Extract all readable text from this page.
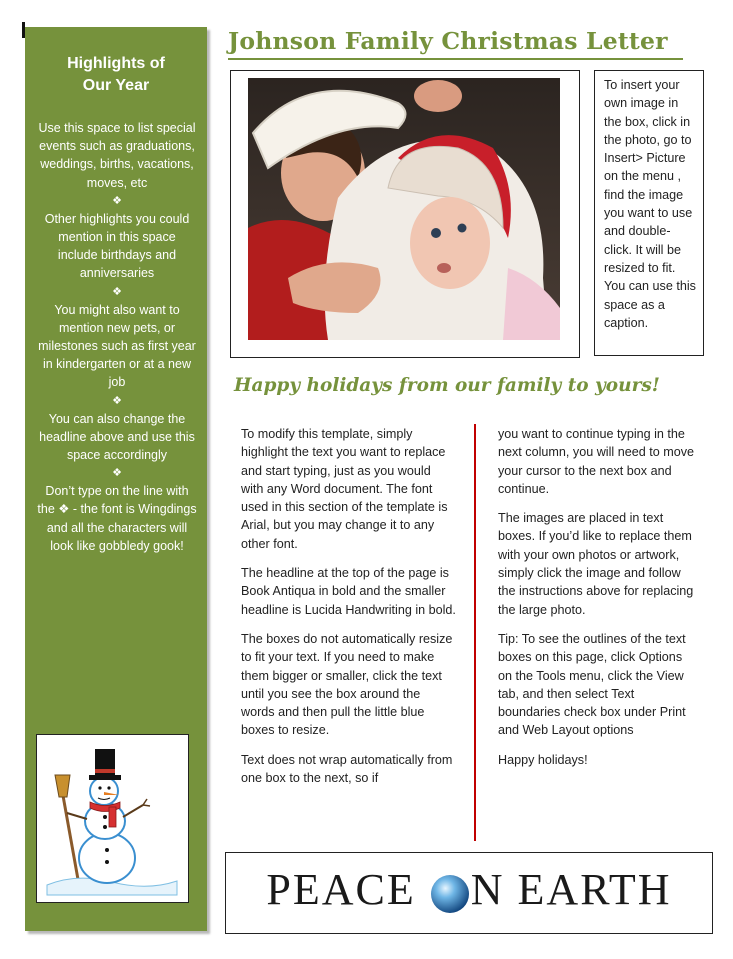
Highlights of
Our Year

Use this space to list special events such as graduations, weddings, births, vacations, moves, etc

❖

Other highlights you could mention in this space include birthdays and anniversaries

❖

You might also want to mention new pets, or milestones such as first year in kindergarten or at a new job

❖

You can also change the headline above and use this space accordingly

❖

Don’t type on the line with the ❖ - the font is Wingdings and all the characters will look like gobbledy gook!

Johnson Family Christmas Letter
To insert your own image in the box, click in the photo, go to Insert> Picture on the menu , find the image you want to use and double-click. It will be resized to fit. You can use this space as a caption.
Happy holidays from our family to yours!

To modify this template, simply highlight the text you want to replace and start typing, just as you would with any Word document. The font used in this section of the template is Arial, but you may change it to any other font.

The headline at the top of the page is Book Antiqua in bold and the smaller headline is Lucida Handwriting in bold.

The boxes do not automatically resize to fit your text. If you need to make them bigger or smaller, click the text until you see the box around the words and then pull the little blue boxes to resize.

Text does not wrap automatically from one box to the next, so if

you want to continue typing in the next column, you will need to move your cursor to the next box and continue.

The images are placed in text boxes. If you’d like to replace them with your own photos or artwork, simply click the image and follow the instructions above for replacing the large photo.

Tip: To see the outlines of the text boxes on this page, click Options on the Tools menu, click the View tab, and then select Text boundaries check box under Print and Web Layout options

Happy holidays!

PEACE N EARTH
